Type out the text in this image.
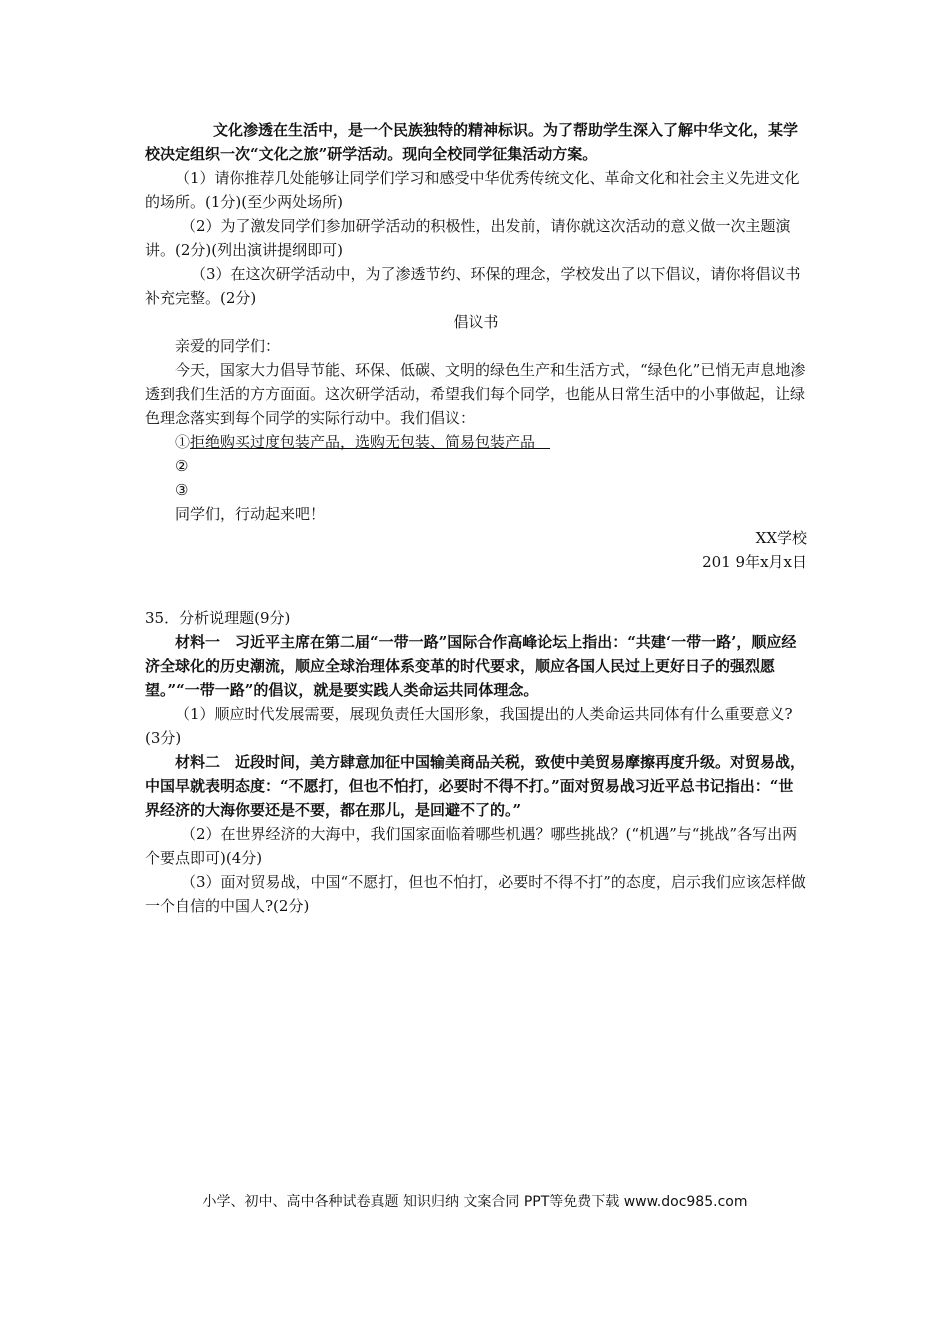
文化渗透在生活中，是一个民族独特的精神标识。为了帮助学生深入了解中华文化，某学校决定组织一次“文化之旅”研学活动。现向全校同学征集活动方案。

（1）请你推荐几处能够让同学们学习和感受中华优秀传统文化、革命文化和社会主义先进文化的场所。(1分)(至少两处场所)

（2）为了激发同学们参加研学活动的积极性，出发前，请你就这次活动的意义做一次主题演讲。(2分)(列出演讲提纲即可)

（3）在这次研学活动中，为了渗透节约、环保的理念，学校发出了以下倡议，请你将倡议书补充完整。(2分)

倡议书

亲爱的同学们：

今天，国家大力倡导节能、环保、低碳、文明的绿色生产和生活方式，“绿色化”已悄无声息地渗透到我们生活的方方面面。这次研学活动，希望我们每个同学，也能从日常生活中的小事做起，让绿色理念落实到每个同学的实际行动中。我们倡议：

①拒绝购买过度包装产品，选购无包装、简易包装产品 

②

③

同学们，行动起来吧！

XX学校

201 9年x月x日

35．分析说理题(9分)

材料一　习近平主席在第二届“一带一路”国际合作高峰论坛上指出：“共建‘一带一路’，顺应经济全球化的历史潮流，顺应全球治理体系变革的时代要求，顺应各国人民过上更好日子的强烈愿望。”“一带一路”的倡议，就是要实践人类命运共同体理念。

（1）顺应时代发展需要，展现负责任大国形象，我国提出的人类命运共同体有什么重要意义?(3分)

材料二　近段时间，美方肆意加征中国输美商品关税，致使中美贸易摩擦再度升级。对贸易战，中国早就表明态度：“不愿打，但也不怕打，必要时不得不打。”面对贸易战习近平总书记指出：“世界经济的大海你要还是不要，都在那儿，是回避不了的。”

（2）在世界经济的大海中，我们国家面临着哪些机遇？哪些挑战？(“机遇”与“挑战”各写出两个要点即可)(4分)

（3）面对贸易战，中国“不愿打，但也不怕打，必要时不得不打”的态度，启示我们应该怎样做一个自信的中国人?(2分)

小学、初中、高中各种试卷真题 知识归纳 文案合同 PPT等免费下载 www.doc985.com
